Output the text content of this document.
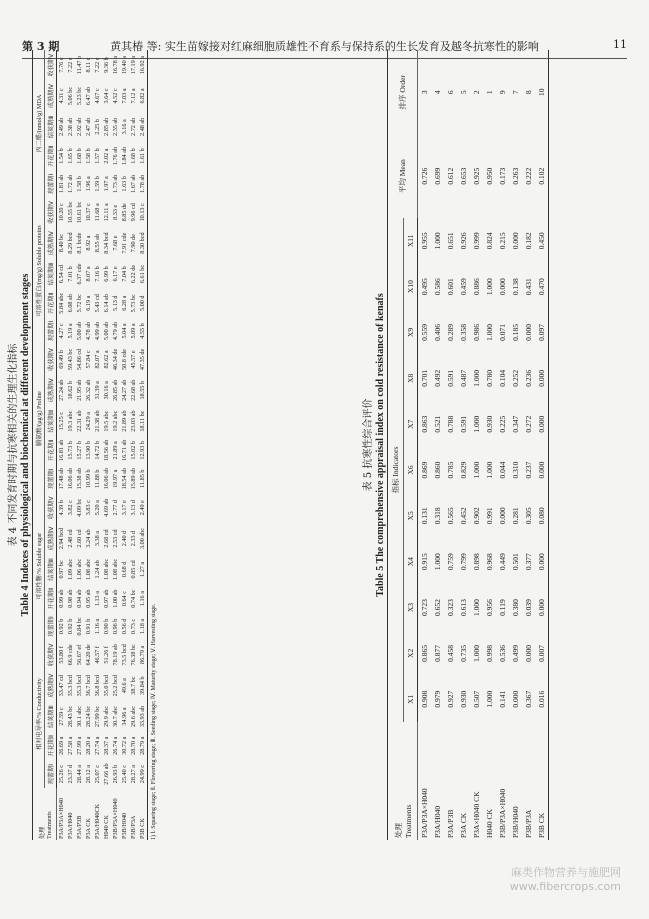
第 3 期	黄其椿 等: 实生苗嫁接对红麻细胞质雄性不育系与保持系的生长发育及越冬抗寒性的影响	11
表 4 不同发育时期与抗寒相关的生理生化指标 Table 4 Indexes of physiological and biochemical at different development stages
处理 Treatments	相对电导率/% Conductivity					可溶性糖/% Soluble sugar					脯氨酸/(μg/g) Proline					可溶性蛋白/(mg/g) Soluble proteins					丙二醛/(nmol/g) MDA				
	现蕾期Ⅰ	开花期Ⅱ	结荚期Ⅲ	成熟期Ⅳ	收获期Ⅴ	现蕾期Ⅰ	开花期Ⅱ	结荚期Ⅲ	成熟期Ⅳ	收获期Ⅴ	现蕾期Ⅰ	开花期Ⅱ	结荚期Ⅲ	成熟期Ⅳ	收获期Ⅴ	现蕾期Ⅰ	开花期Ⅱ	结荚期Ⅲ	成熟期Ⅳ	收获期Ⅴ	现蕾期Ⅰ	开花期Ⅱ	结荚期Ⅲ	成熟期Ⅳ	收获期Ⅴ
P3A/P3A×H040	25.26 c	26.69 a	27.59 c	33.47 cd	53.80 f	0.92 b	0.99 ab	0.97 bc	2.94 bcd	4.39 b	17.48 ab	16.81 ab	15.25 c	27.24 ab	69.49 b	4.27 c	5.84 abc	6.54 cd	8.40 bc	10.20 c	1.81 ab	1.54 b	2.49 ab	4.31 c	7.76 c
P3A/H040	23.37 d	27.58 a	28.43 bc	35.3 bcd	66.9 cde	0.92 b	0.98 ab	1.09 abc	2.48 cd	3.82 c	16.06 ab	15.73 b	19.3 abc	18.62 b	59.43 bc	5.19 a	6.08 ab	7.01 b	8.29 bcd	10.55 bc	1.72 ab	1.65 b	2.38 ab	5.06 bc	7.22 c
P3A/P3B	28.44 a	27.99 a	30.1 abc	35.3 bcd	56.67 ef	0.84 bc	0.94 ab	1.06 abc	2.60 cd	4.09 bc	15.38 ab	15.27 b	22.31 ab	21.95 ab	54.86 cd	5.00 ab	5.72 bc	6.37 cde	8.1 bcde	10.61 bc	1.58 b	1.68 b	2.92 ab	5.23 bc	11.47 b
P3A CK	28.12 a	28.20 a	28.24 bc	36.7 bcd	64.20 de	0.91 b	0.95 ab	1.08 abc	3.24 ab	3.83 c	10.99 b	13.90 b	24.29 a	26.32 ab	57.84 c	4.78 ab	6.19 a	8.07 a	8.92 a	10.37 c	1.96 a	1.58 b	2.47 ab	6.47 ab	8.11 c
P3A/H040CK	25.07 c	27.74 a	27.99 bc	36.8 bcd	46.57 f	1.16 a	1.13 a	1.24 ab	3.38 a	5.20 a	11.88 b	14.72 b	21.38 ab	31.39 a	82.07 a	4.99 ab	5.43 cd	7.16 b	8.55 ab	11.68 a	1.59 b	1.57 b	2.25 b	4.67 c	7.22 c
H040 CK	27.66 ab	28.37 a	29.9 abc	35.0 bcd	51.26 f	0.90 b	0.97 ab	1.08 abc	2.68 cd	4.69 ab	16.06 ab	18.56 ab	19.5 abc	30.16 a	82.62 a	5.00 ab	6.14 ab	6.99 b	8.34 bcd	12.11 a	1.97 a	2.02 a	2.85 ab	3.64 c	9.36 b
P3B/P3A×H040	26.93 b	26.74 a	30.7 abc	25.2 bcd	78.19 ab	0.96 b	1.00 ab	1.08 abc	2.53 cd	2.77 d	19.97 a	21.89 a	19.2 abc	26.85 ab	46.34 de	4.79 ab	5.13 d	6.17 e	7.68 e	8.33 e	1.73 ab	1.76 ab	2.35 ab	4.52 c	16.78 a
P3B/H040	25.40 c	30.72 a	34.96 a	49.6 a	73.5 bcd	0.56 d	0.64 c	0.68 d	2.40 d	3.17 e	18.54 ab	16.71 ab	21.89 ab	24.27 ab	50.8 cde	5.04 a	6.28 a	7.04 b	7.91 cde	8.85 de	1.63 b	1.84 ab	3.16 a	7.03 a	19.40 a
P3B/P3A	28.27 a	28.70 a	29.6 abc	38.7 bc	76.38 bc	0.73 c	0.74 bc	0.85 cd	2.33 d	3.13 d	15.89 ab	15.02 b	23.03 ab	22.68 ab	45.57 e	5.09 a	5.73 bc	6.22 de	7.90 de	9.96 cd	1.67 ab	1.68 b	2.72 ab	7.12 a	17.19 a
P3B CK	24.99 c	28.79 a	33.93 ab	39.84 b	86.79 a	1.18 a	1.16 a	1.27 a	3.00 abc	2.49 e	11.85 b	12.93 b	18.11 bc	18.55 b	47.35 de	4.55 b	5.00 d	6.61 bc	8.30 bcd	10.13 c	1.78 ab	1.61 b	2.48 ab	6.82 a	16.92 a
1) Ⅰ. Squaring stage; Ⅱ. Flowering stage; Ⅲ. Seeding stage; Ⅳ. Maturity stage; Ⅴ. Harvesting stage.
表 5 抗寒性综合评价 Table 5 The comprehensive appraisal index on cold resistance of kenafs
处理 Treatments	指标 Indicators											平均 Mean	排序 Order
	X1	X2	X3	X4	X5	X6	X7	X8	X9	X10	X11		
P3A/P3A×H040	0.908	0.865	0.723	0.915	0.131	0.869	0.863	0.701	0.559	0.495	0.955	0.726	3
P3A/H040	0.979	0.877	0.652	1.000	0.318	0.860	0.521	0.492	0.406	0.586	1.000	0.699	4
P3A/P3B	0.927	0.458	0.323	0.759	0.565	0.785	0.788	0.591	0.289	0.601	0.651	0.612	6
P3A CK	0.930	0.735	0.613	0.799	0.452	0.829	0.591	0.487	0.358	0.459	0.926	0.653	5
P3A×H040 CK	0.507	1.000	1.000	0.898	0.902	1.000	1.000	1.000	0.986	0.886	0.999	0.925	2
H040 CK	1.000	0.998	0.956	0.968	0.991	1.000	0.930	0.780	1.000	1.000	0.824	0.950	1
P3B/P3A×H040	0.141	0.536	0.119	0.449	0.000	0.044	0.225	0.104	0.071	0.000	0.215	0.173	9
P3B/H040	0.000	0.499	0.380	0.501	0.281	0.310	0.347	0.252	0.185	0.138	0.000	0.263	7
P3B/P3A	0.367	0.000	0.039	0.377	0.305	0.237	0.272	0.236	0.000	0.431	0.182	0.222	8
P3B CK	0.016	0.007	0.000	0.000	0.080	0.000	0.000	0.000	0.097	0.470	0.450	0.102	10
麻类作物营养与施肥网
www.fibercrops.com
